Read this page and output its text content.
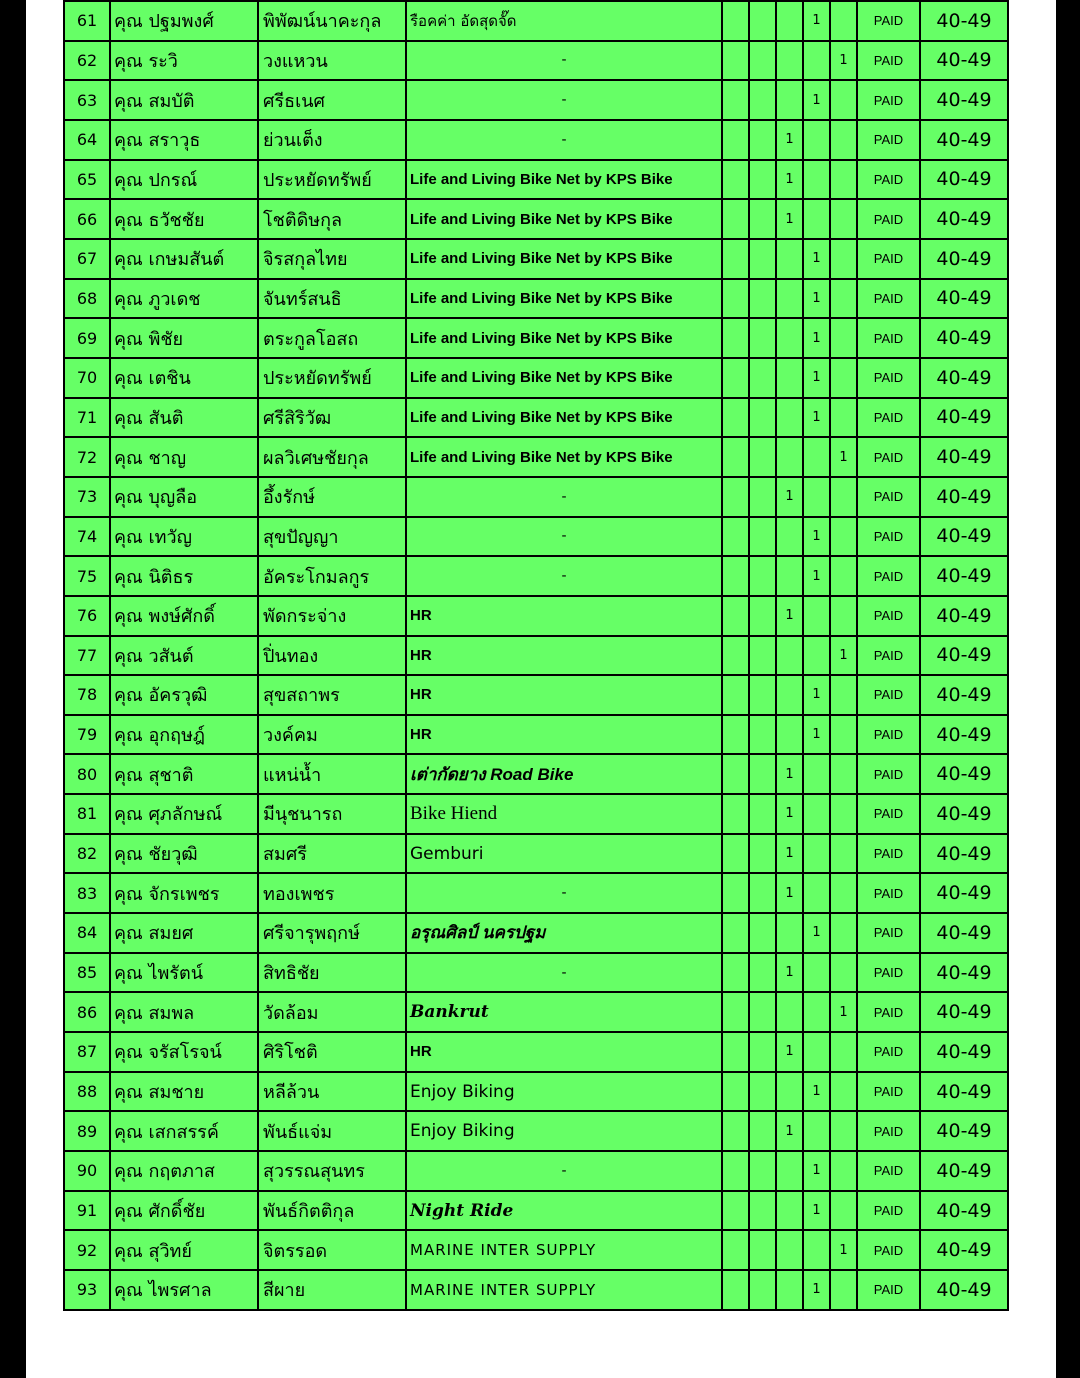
61	คุณ ปฐมพงศ์	พิพัฒน์นาคะกุล	รือคค่า อัดสุดจั๊ด				1		PAID	40-49
62	คุณ ระวิ	วงแหวน	-					1	PAID	40-49
63	คุณ สมบัติ	ศรีธเนศ	-				1		PAID	40-49
64	คุณ สราวุธ	ย่วนเต็ง	-			1			PAID	40-49
65	คุณ ปกรณ์	ประหยัดทรัพย์	Life and Living Bike Net by KPS Bike			1			PAID	40-49
66	คุณ ธวัชชัย	โชติดิษกุล	Life and Living Bike Net by KPS Bike			1			PAID	40-49
67	คุณ เกษมสันต์	จิรสกุลไทย	Life and Living Bike Net by KPS Bike				1		PAID	40-49
68	คุณ ภูวเดช	จันทร์สนธิ	Life and Living Bike Net by KPS Bike				1		PAID	40-49
69	คุณ พิชัย	ตระกูลโอสถ	Life and Living Bike Net by KPS Bike				1		PAID	40-49
70	คุณ เตชิน	ประหยัดทรัพย์	Life and Living Bike Net by KPS Bike				1		PAID	40-49
71	คุณ สันติ	ศรีสิริวัฒ	Life and Living Bike Net by KPS Bike				1		PAID	40-49
72	คุณ ชาญ	ผลวิเศษชัยกุล	Life and Living Bike Net by KPS Bike					1	PAID	40-49
73	คุณ บุญลือ	อึ้งรักษ์	-			1			PAID	40-49
74	คุณ เทวัญ	สุขปัญญา	-				1		PAID	40-49
75	คุณ นิติธร	อัคระโกมลกูร	-				1		PAID	40-49
76	คุณ พงษ์ศักดิ์	พัดกระจ่าง	HR			1			PAID	40-49
77	คุณ วสันต์	ปิ่นทอง	HR					1	PAID	40-49
78	คุณ อัครวุฒิ	สุขสถาพร	HR				1		PAID	40-49
79	คุณ อุกฤษฎ์	วงค์คม	HR				1		PAID	40-49
80	คุณ สุชาติ	แหน่น้ำ	เต่ากัดยาง Road Bike			1			PAID	40-49
81	คุณ ศุภลักษณ์	มีนุชนารถ	Bike Hiend			1			PAID	40-49
82	คุณ ชัยวุฒิ	สมศรี	Gemburi			1			PAID	40-49
83	คุณ จักรเพชร	ทองเพชร	-			1			PAID	40-49
84	คุณ สมยศ	ศรีจารุพฤกษ์	อรุณศิลป์ นครปฐม				1		PAID	40-49
85	คุณ ไพรัตน์	สิทธิชัย	-			1			PAID	40-49
86	คุณ สมพล	วัดล้อม	Bankrut					1	PAID	40-49
87	คุณ จรัสโรจน์	ศิริโชติ	HR			1			PAID	40-49
88	คุณ สมชาย	หลีล้วน	Enjoy Biking				1		PAID	40-49
89	คุณ เสกสรรค์	พันธ์แจ่ม	Enjoy Biking			1			PAID	40-49
90	คุณ กฤตภาส	สุวรรณสุนทร	-				1		PAID	40-49
91	คุณ ศักดิ์ชัย	พันธ์กิตติกุล	Night Ride				1		PAID	40-49
92	คุณ สุวิทย์	จิตรรอด	MARINE INTER SUPPLY					1	PAID	40-49
93	คุณ ไพรศาล	สีผาย	MARINE INTER SUPPLY				1		PAID	40-49
